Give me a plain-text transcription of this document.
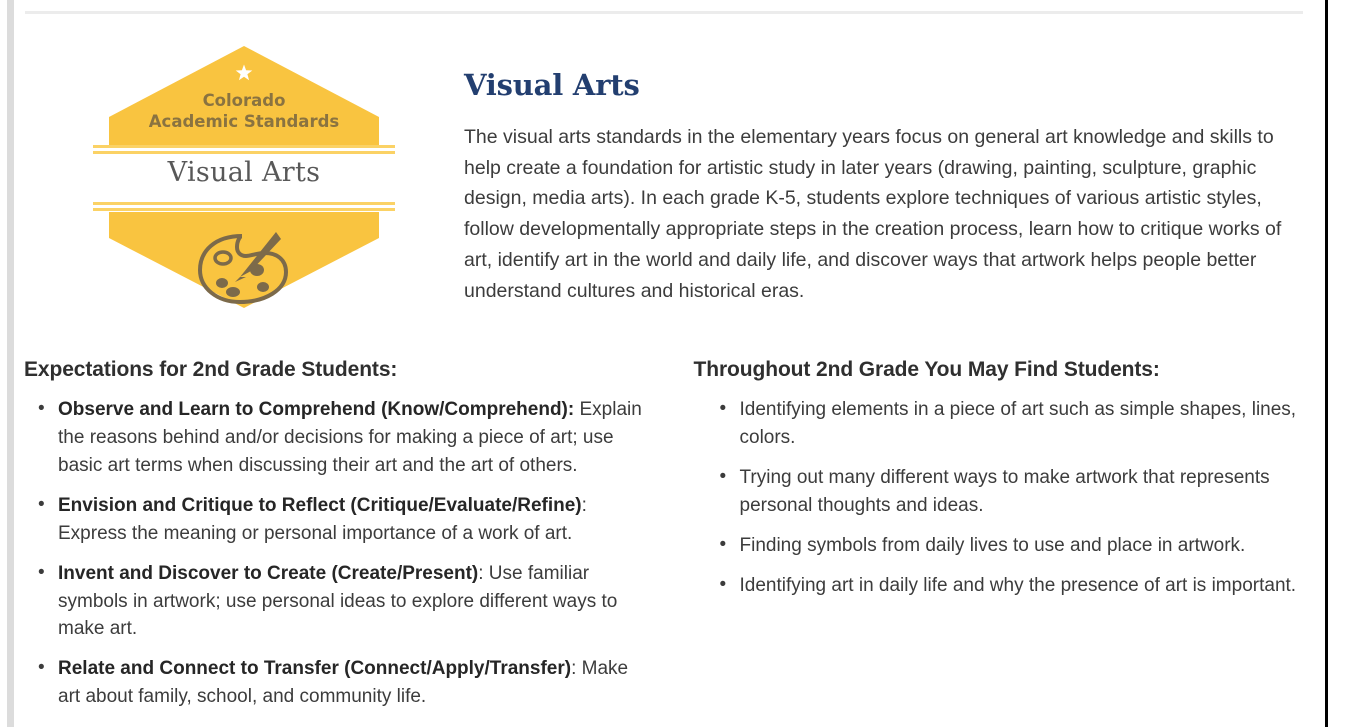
Colorado
Academic Standards
Visual Arts
Visual Arts

The visual arts standards in the elementary years focus on general art knowledge and skills to help create a foundation for artistic study in later years (drawing, painting, sculpture, graphic design, media arts). In each grade K-5, students explore techniques of various artistic styles, follow developmentally appropriate steps in the creation process, learn how to critique works of art, identify art in the world and daily life, and discover ways that artwork helps people better understand cultures and historical eras.

Expectations for 2nd Grade Students:
• Observe and Learn to Comprehend (Know/Comprehend): Explain the reasons behind and/or decisions for making a piece of art; use basic art terms when discussing their art and the art of others.
• Envision and Critique to Reflect (Critique/Evaluate/Refine): Express the meaning or personal importance of a work of art.
• Invent and Discover to Create (Create/Present): Use familiar symbols in artwork; use personal ideas to explore different ways to make art.
• Relate and Connect to Transfer (Connect/Apply/Transfer): Make art about family, school, and community life.
Throughout 2nd Grade You May Find Students:
• Identifying elements in a piece of art such as simple shapes, lines, colors.
• Trying out many different ways to make artwork that represents personal thoughts and ideas.
• Finding symbols from daily lives to use and place in artwork.
• Identifying art in daily life and why the presence of art is important.
